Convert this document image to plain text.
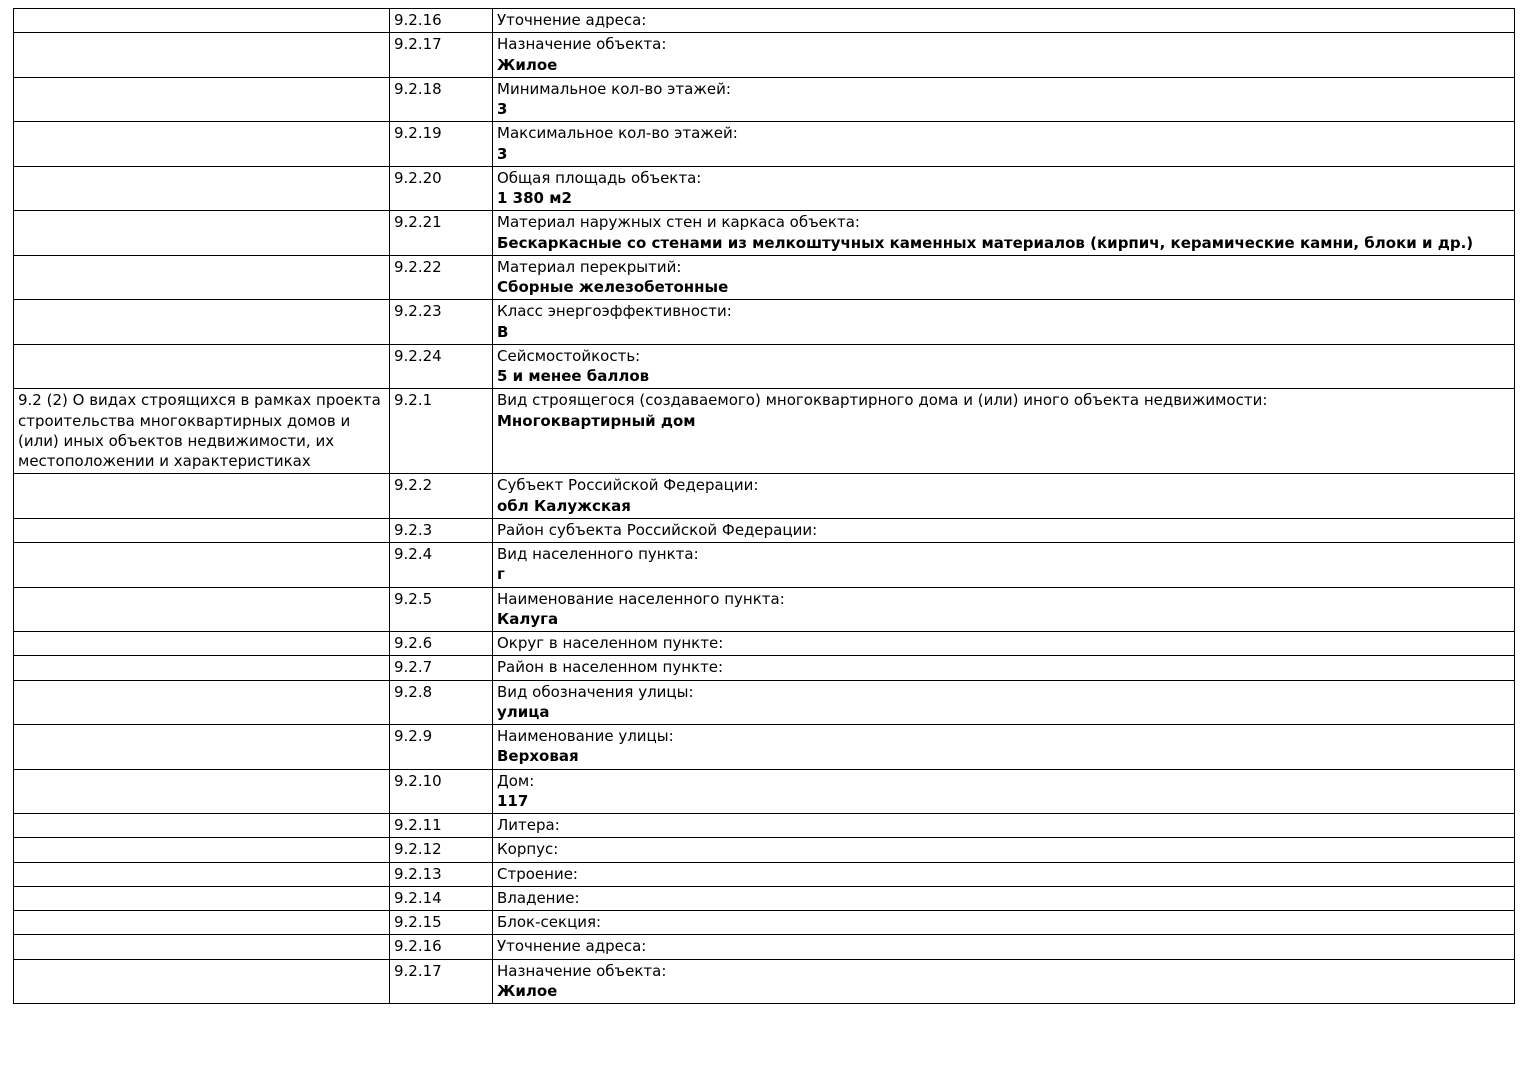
	9.2.16	Уточнение адреса:

	9.2.17	Назначение объекта:
Жилое

	9.2.18	Минимальное кол-во этажей:
3

	9.2.19	Максимальное кол-во этажей:
3

	9.2.20	Общая площадь объекта:
1 380 м2

	9.2.21	Материал наружных стен и каркаса объекта:
Бескаркасные со стенами из мелкоштучных каменных материалов (кирпич, керамические камни, блоки и др.)

	9.2.22	Материал перекрытий:
Сборные железобетонные

	9.2.23	Класс энергоэффективности:
В

	9.2.24	Сейсмостойкость:
5 и менее баллов

9.2 (2) О видах строящихся в рамках проекта строительства многоквартирных домов и (или) иных объектов недвижимости, их местоположении и характеристиках	9.2.1	Вид строящегося (создаваемого) многоквартирного дома и (или) иного объекта недвижимости:
Многоквартирный дом

	9.2.2	Субъект Российской Федерации:
обл Калужская

	9.2.3	Район субъекта Российской Федерации:

	9.2.4	Вид населенного пункта:
г

	9.2.5	Наименование населенного пункта:
Калуга

	9.2.6	Округ в населенном пункте:

	9.2.7	Район в населенном пункте:

	9.2.8	Вид обозначения улицы:
улица

	9.2.9	Наименование улицы:
Верховая

	9.2.10	Дом:
117

	9.2.11	Литера:

	9.2.12	Корпус:

	9.2.13	Строение:

	9.2.14	Владение:

	9.2.15	Блок-секция:

	9.2.16	Уточнение адреса:

	9.2.17	Назначение объекта:
Жилое
